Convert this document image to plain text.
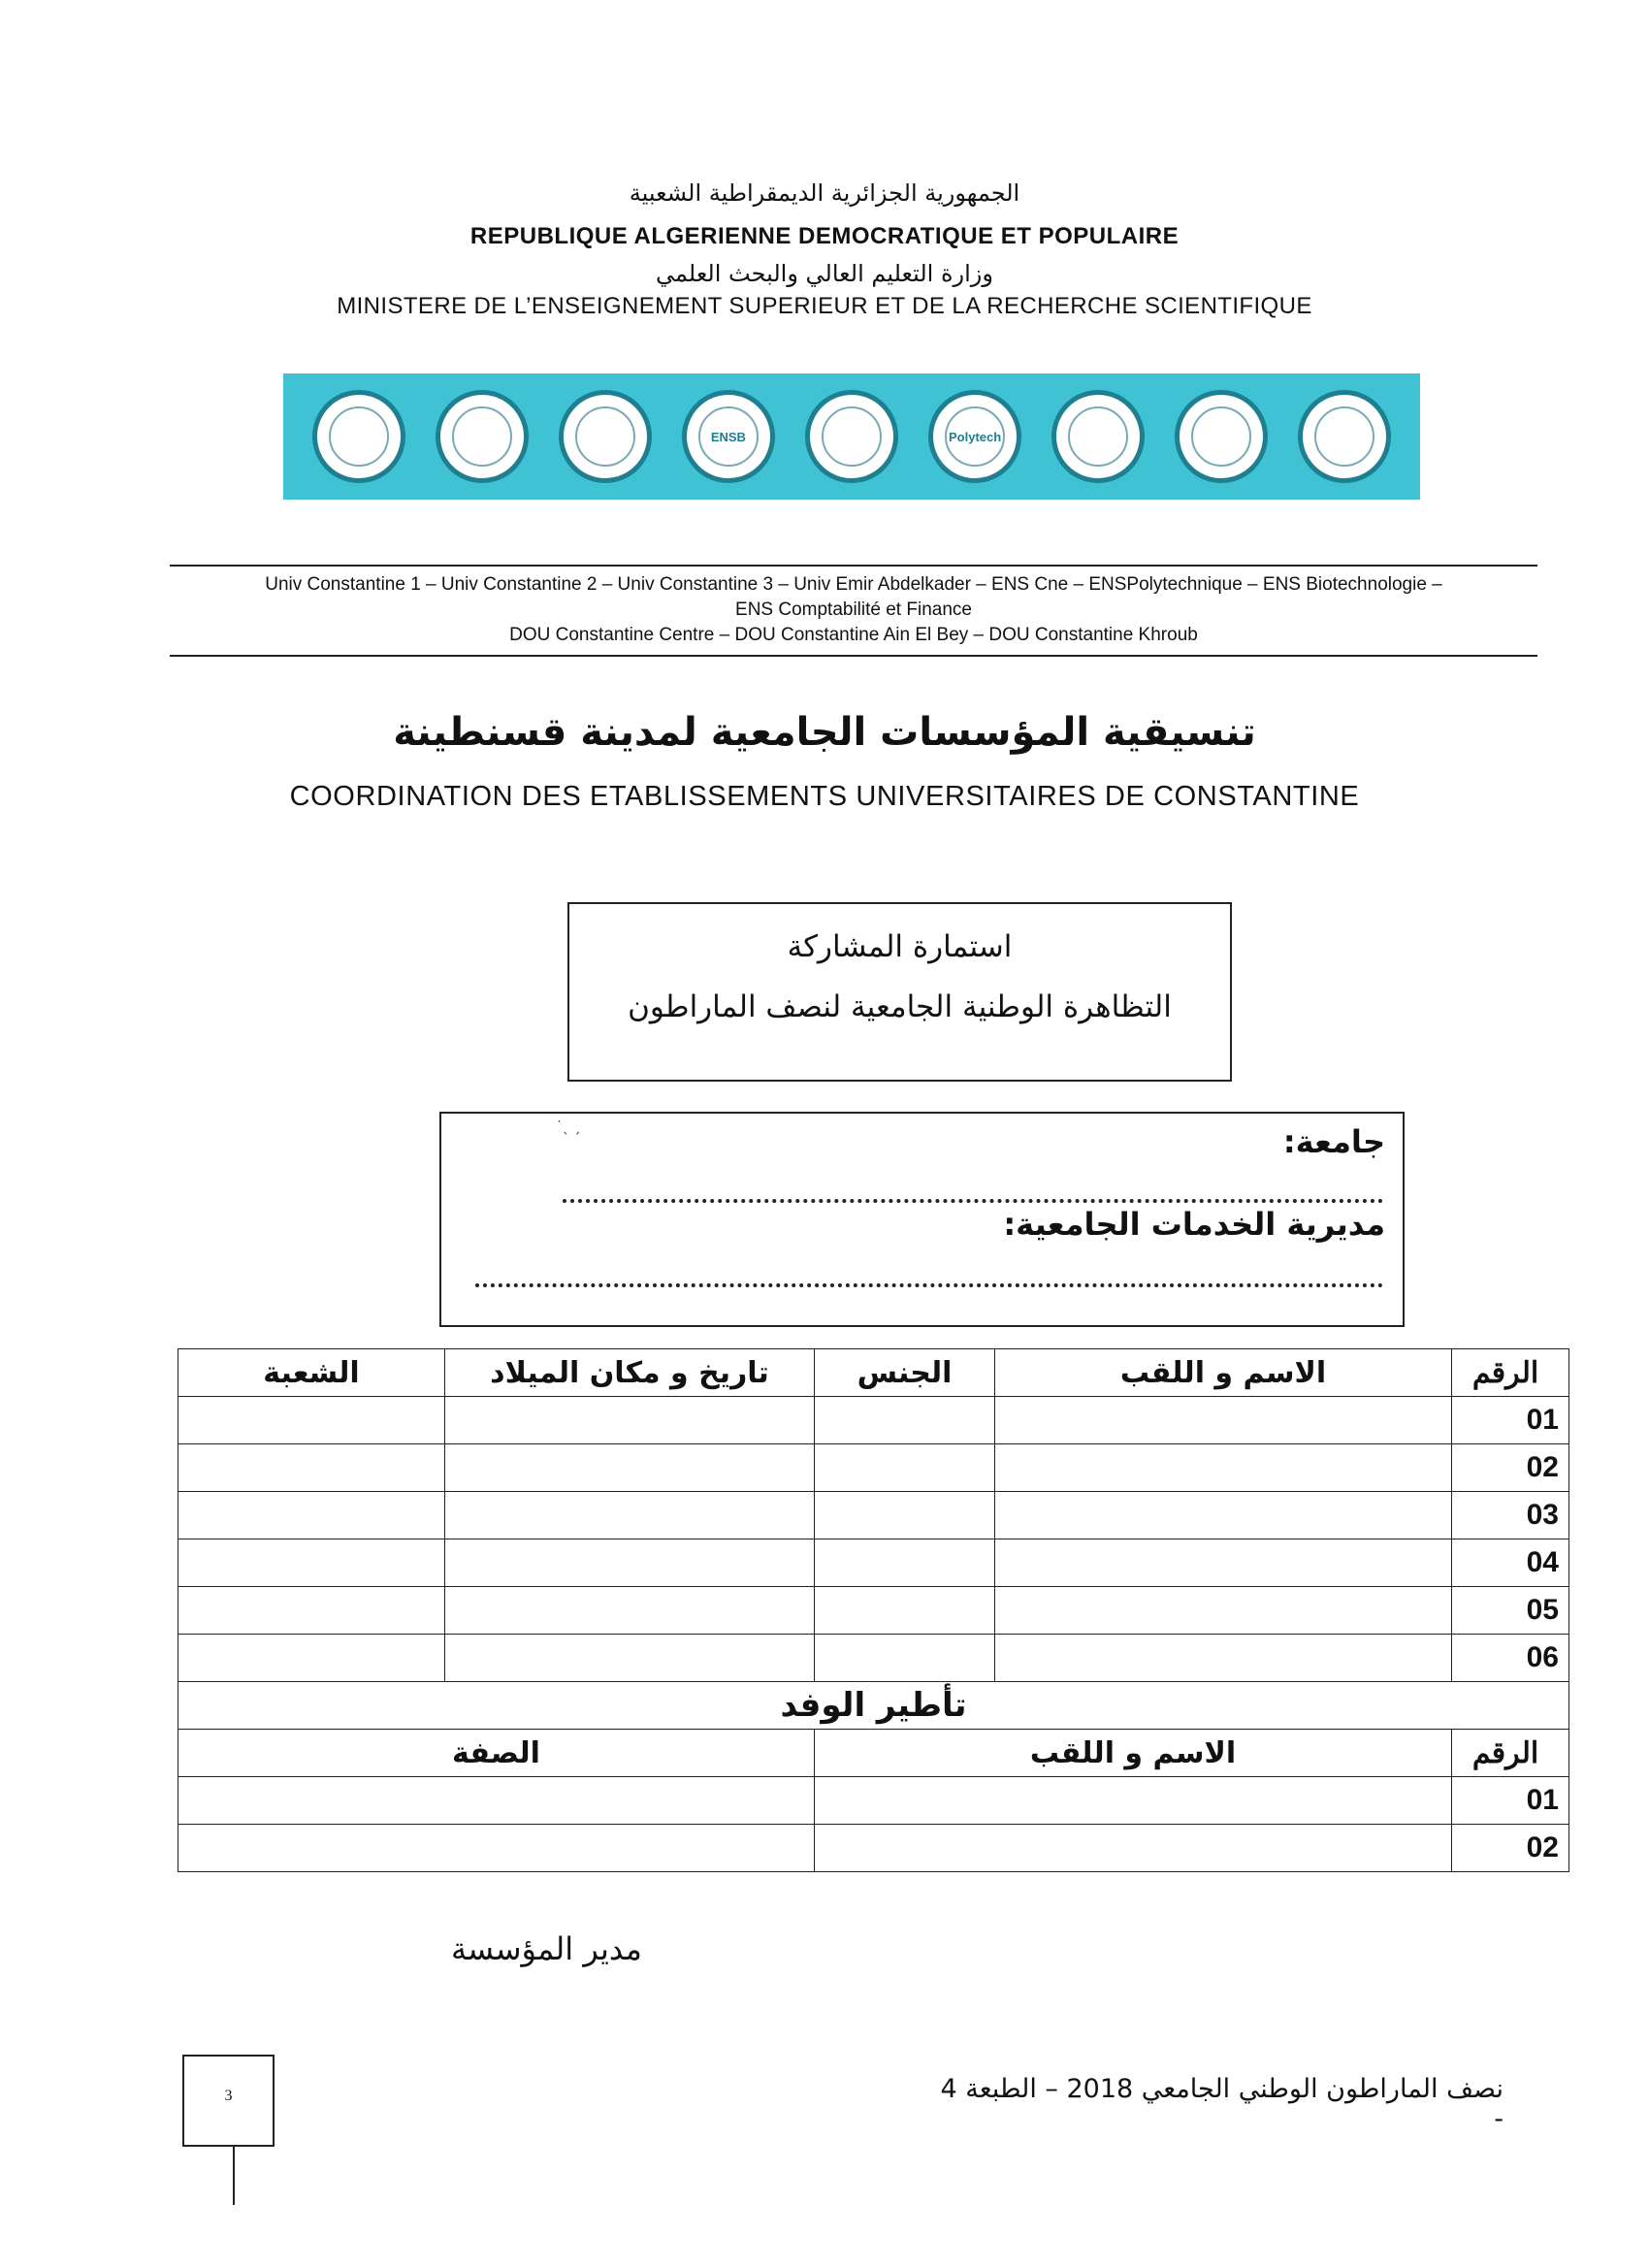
الجمهورية الجزائرية الديمقراطية الشعبية
REPUBLIQUE ALGERIENNE DEMOCRATIQUE ET POPULAIRE
وزارة التعليم العالي والبحث العلمي
MINISTERE DE L’ENSEIGNEMENT SUPERIEUR ET DE LA RECHERCHE SCIENTIFIQUE
ENSB	Polytech
Univ Constantine 1 – Univ Constantine 2 – Univ Constantine 3 – Univ Emir Abdelkader – ENS Cne – ENSPolytechnique – ENS Biotechnologie –
ENS Comptabilité et Finance
DOU Constantine Centre – DOU Constantine Ain El Bey – DOU Constantine Khroub
تنسيقية المؤسسات الجامعية لمدينة قسنطينة
COORDINATION DES ETABLISSEMENTS UNIVERSITAIRES DE CONSTANTINE
استمارة المشاركة
التظاهرة الوطنية الجامعية لنصف الماراطون
˙ˎ ˏ	جامعة:
مديرية الخدمات الجامعية:
الرقم	الاسم و اللقب	الجنس	تاريخ و مكان الميلاد	الشعبة
01				
02				
03				
04				
05				
06				
تأطير الوفد				
الرقم	الاسم و اللقب		الصفة	
01				
02				
مدير المؤسسة
3	نصف الماراطون الوطني الجامعي 2018 – الطبعة 4 -
